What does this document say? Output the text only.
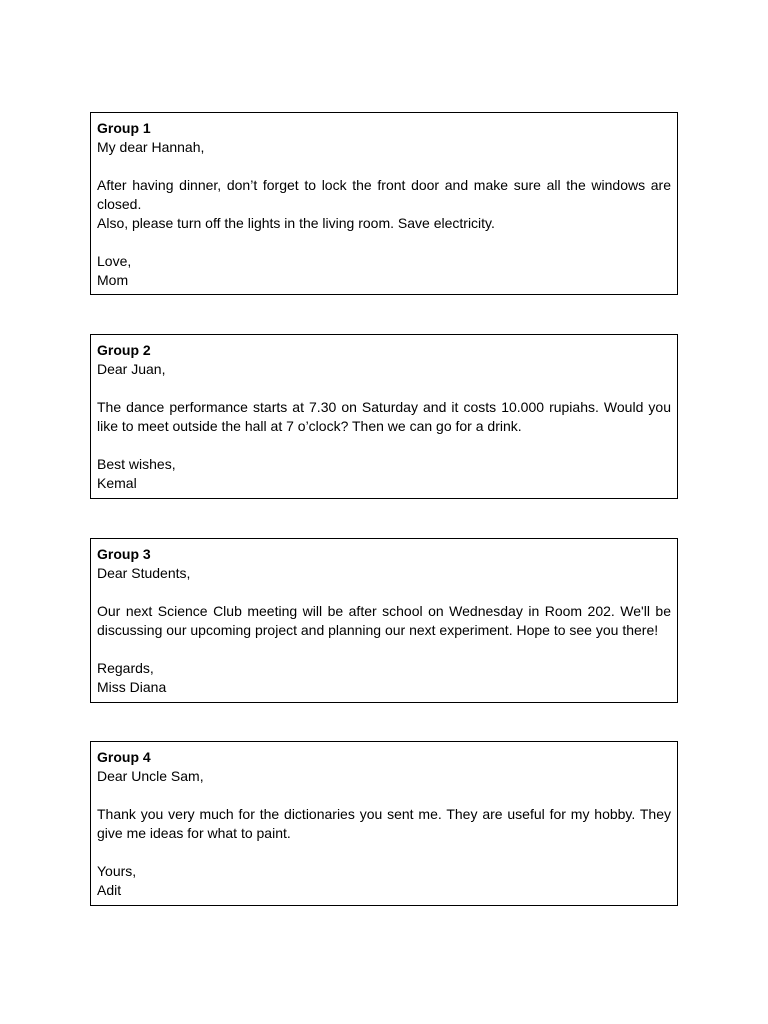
Group 1

My dear Hannah,

After having dinner, don’t forget to lock the front door and make sure all the windows are closed.

Also, please turn off the lights in the living room. Save electricity.

Love,

Mom

Group 2

Dear Juan,

The dance performance starts at 7.30 on Saturday and it costs 10.000 rupiahs. Would you like to meet outside the hall at 7 o’clock? Then we can go for a drink.

Best wishes,

Kemal

Group 3

Dear Students,

Our next Science Club meeting will be after school on Wednesday in Room 202. We'll be discussing our upcoming project and planning our next experiment. Hope to see you there!

Regards,

Miss Diana

Group 4

Dear Uncle Sam,

Thank you very much for the dictionaries you sent me. They are useful for my hobby. They give me ideas for what to paint.

Yours,

Adit
